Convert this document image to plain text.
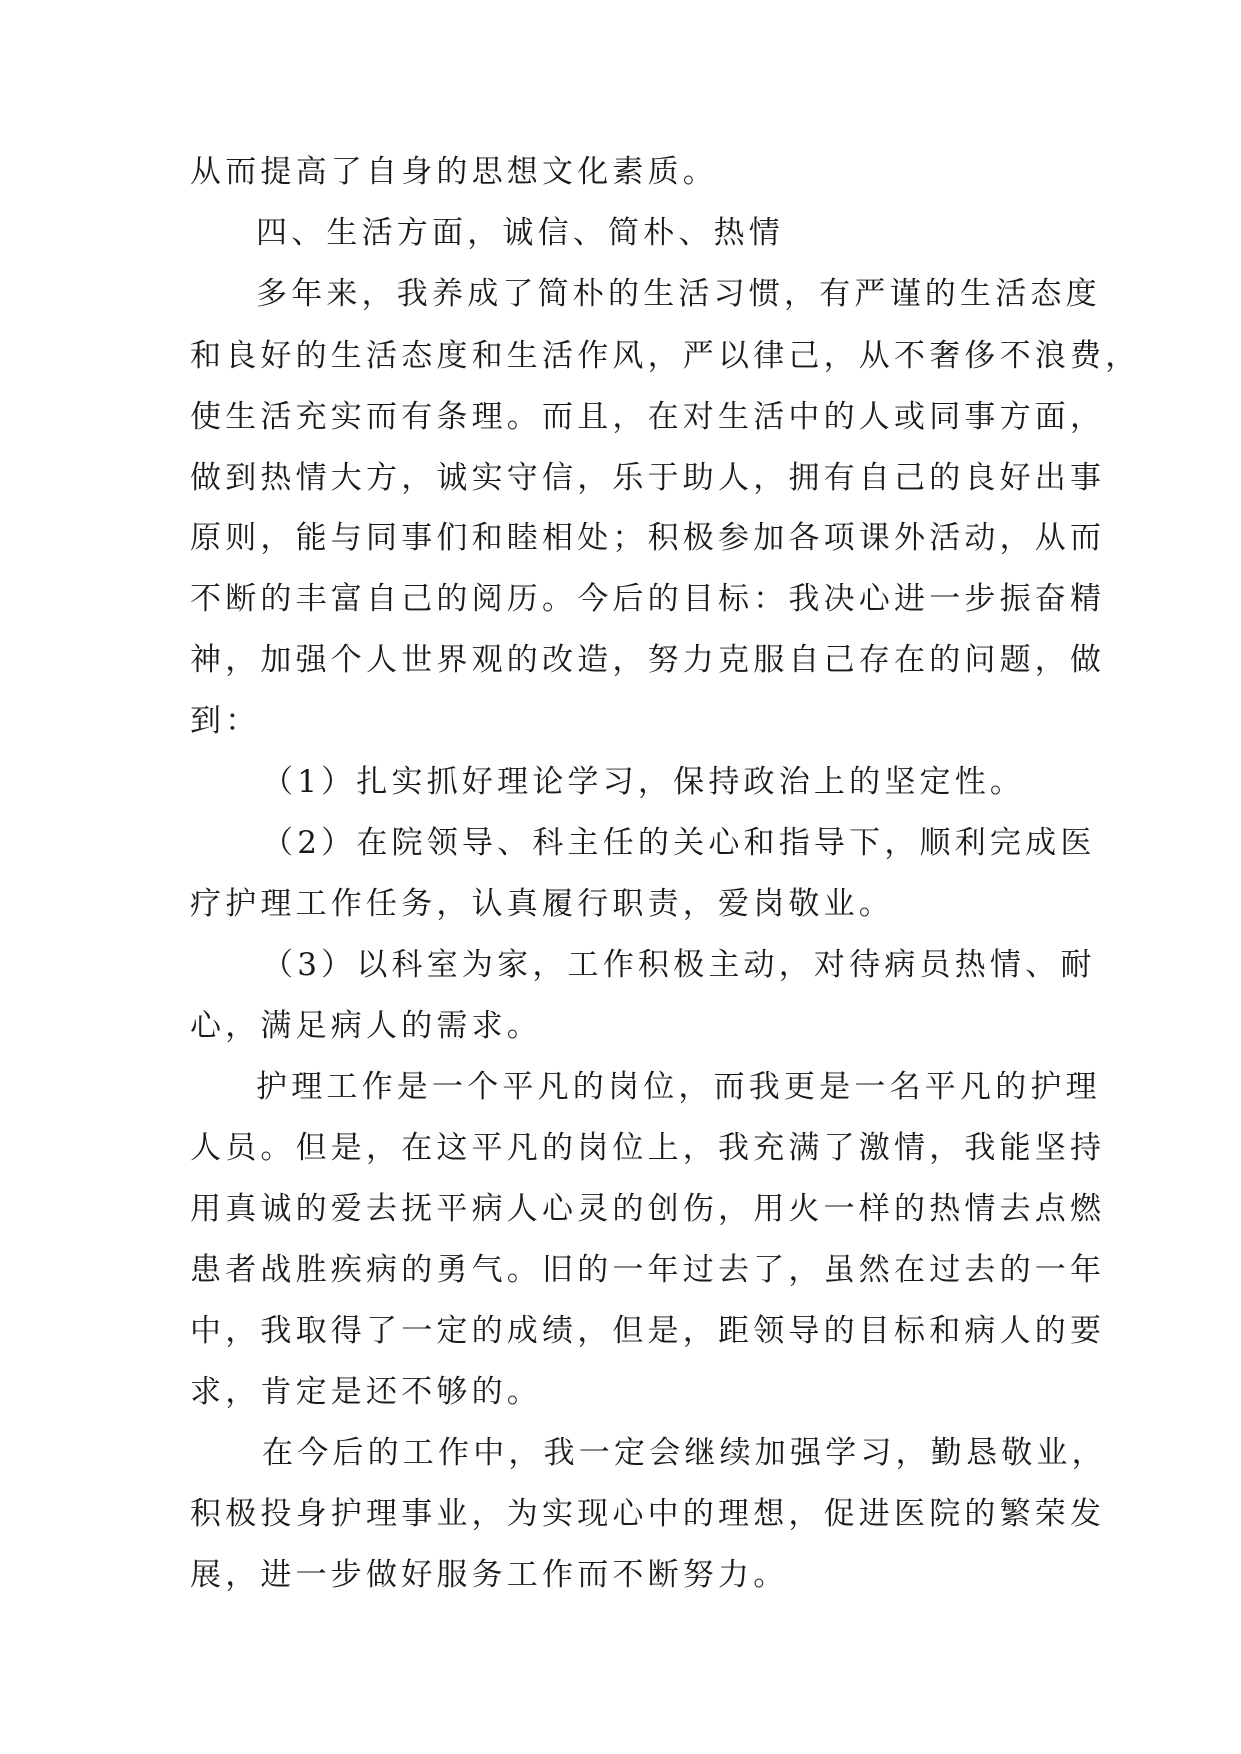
从而提高了自身的思想文化素质。
四、生活方面，诚信、简朴、热情
多年来，我养成了简朴的生活习惯，有严谨的生活态度
和良好的生活态度和生活作风，严以律己，从不奢侈不浪费，
使生活充实而有条理。而且，在对生活中的人或同事方面，
做到热情大方，诚实守信，乐于助人，拥有自己的良好出事
原则，能与同事们和睦相处；积极参加各项课外活动，从而
不断的丰富自己的阅历。今后的目标：我决心进一步振奋精
神，加强个人世界观的改造，努力克服自己存在的问题，做
到：
（1）扎实抓好理论学习，保持政治上的坚定性。
（2）在院领导、科主任的关心和指导下，顺利完成医
疗护理工作任务，认真履行职责，爱岗敬业。
（3）以科室为家，工作积极主动，对待病员热情、耐
心，满足病人的需求。
护理工作是一个平凡的岗位，而我更是一名平凡的护理
人员。但是，在这平凡的岗位上，我充满了激情，我能坚持
用真诚的爱去抚平病人心灵的创伤，用火一样的热情去点燃
患者战胜疾病的勇气。旧的一年过去了，虽然在过去的一年
中，我取得了一定的成绩，但是，距领导的目标和病人的要
求，肯定是还不够的。
在今后的工作中，我一定会继续加强学习，勤恳敬业，
积极投身护理事业，为实现心中的理想，促进医院的繁荣发
展，进一步做好服务工作而不断努力。
